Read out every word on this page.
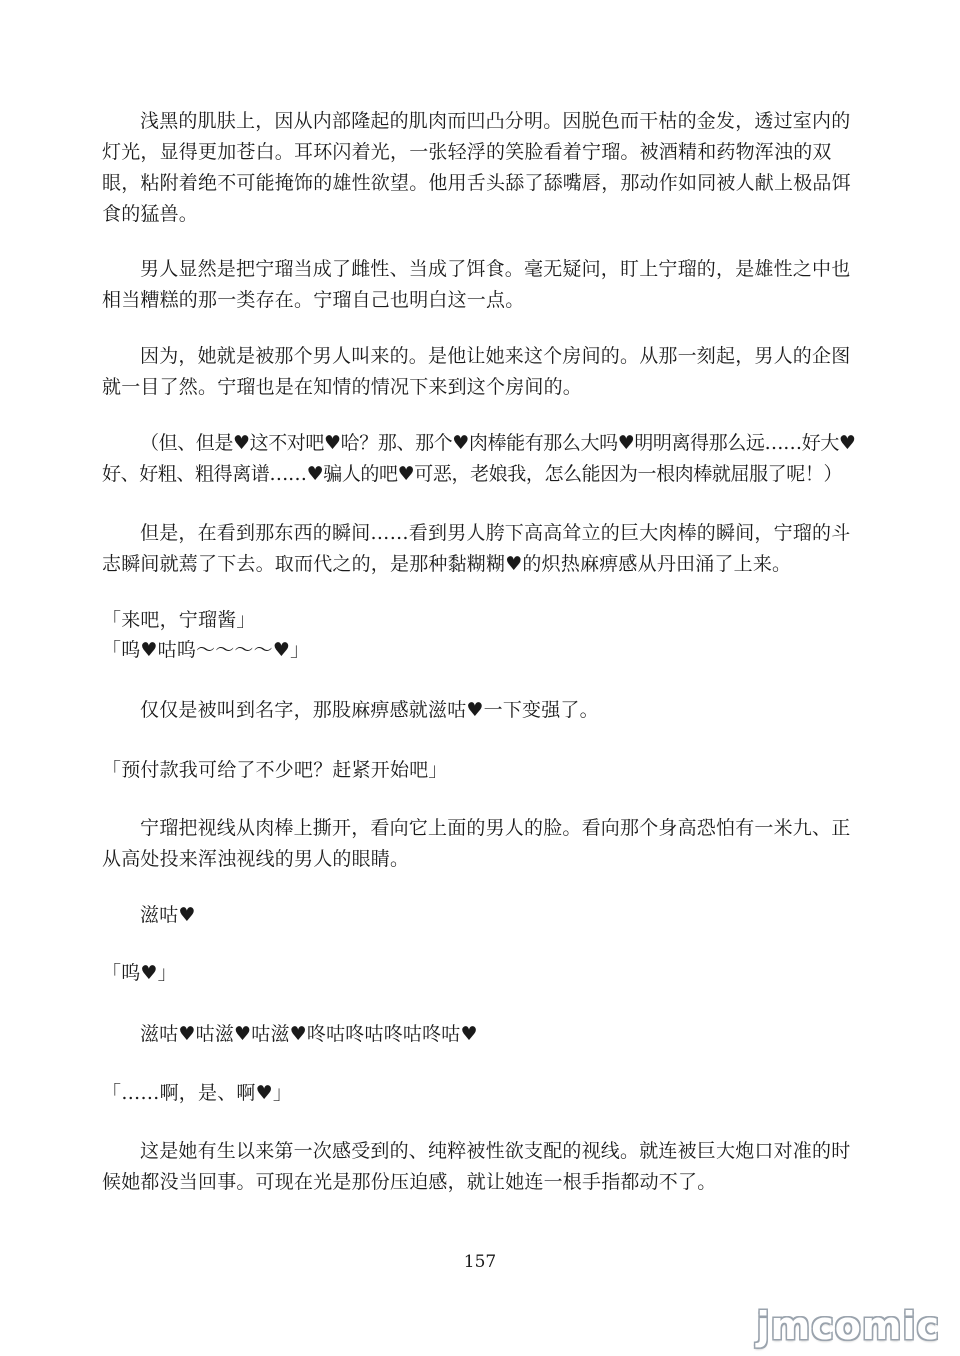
浅黑的肌肤上，因从内部隆起的肌肉而凹凸分明。因脱色而干枯的金发，透过室内的灯光，显得更加苍白。耳环闪着光，一张轻浮的笑脸看着宁瑠。被酒精和药物浑浊的双眼，粘附着绝不可能掩饰的雄性欲望。他用舌头舔了舔嘴唇，那动作如同被人献上极品饵食的猛兽。

男人显然是把宁瑠当成了雌性、当成了饵食。毫无疑问，盯上宁瑠的，是雄性之中也相当糟糕的那一类存在。宁瑠自己也明白这一点。

因为，她就是被那个男人叫来的。是他让她来这个房间的。从那一刻起，男人的企图就一目了然。宁瑠也是在知情的情况下来到这个房间的。

（但、但是♥这不对吧♥哈？那、那个♥肉棒能有那么大吗♥明明离得那么远……好大♥好、好粗、粗得离谱……♥骗人的吧♥可恶，老娘我，怎么能因为一根肉棒就屈服了呢！）

但是，在看到那东西的瞬间……看到男人胯下高高耸立的巨大肉棒的瞬间，宁瑠的斗志瞬间就蔫了下去。取而代之的，是那种黏糊糊♥的炽热麻痹感从丹田涌了上来。

「来吧，宁瑠酱」

「呜♥咕呜～～～～♥」

仅仅是被叫到名字，那股麻痹感就滋咕♥一下变强了。

「预付款我可给了不少吧？赶紧开始吧」

宁瑠把视线从肉棒上撕开，看向它上面的男人的脸。看向那个身高恐怕有一米九、正从高处投来浑浊视线的男人的眼睛。

滋咕♥

「呜♥」

滋咕♥咕滋♥咕滋♥咚咕咚咕咚咕咚咕♥

「……啊，是、啊♥」

这是她有生以来第一次感受到的、纯粹被性欲支配的视线。就连被巨大炮口对准的时候她都没当回事。可现在光是那份压迫感，就让她连一根手指都动不了。

157
jmcomic
